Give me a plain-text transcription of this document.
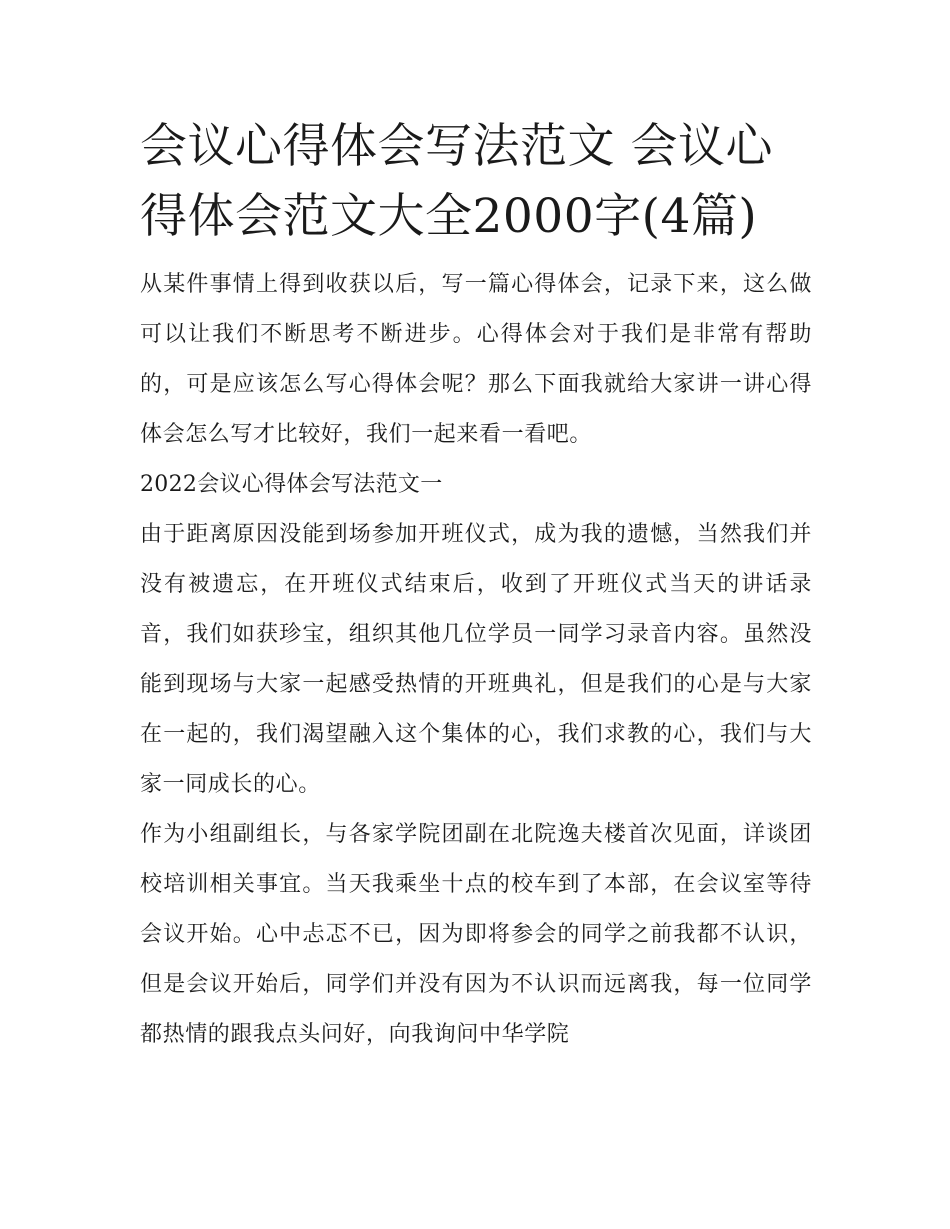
会议心得体会写法范文 会议心得体会范文大全2000字(4篇)

从某件事情上得到收获以后，写一篇心得体会，记录下来，这么做可以让我们不断思考不断进步。心得体会对于我们是非常有帮助的，可是应该怎么写心得体会呢？那么下面我就给大家讲一讲心得体会怎么写才比较好，我们一起来看一看吧。

2022会议心得体会写法范文一

由于距离原因没能到场参加开班仪式，成为我的遗憾，当然我们并没有被遗忘，在开班仪式结束后，收到了开班仪式当天的讲话录音，我们如获珍宝，组织其他几位学员一同学习录音内容。虽然没能到现场与大家一起感受热情的开班典礼，但是我们的心是与大家在一起的，我们渴望融入这个集体的心，我们求教的心，我们与大家一同成长的心。

作为小组副组长，与各家学院团副在北院逸夫楼首次见面，详谈团校培训相关事宜。当天我乘坐十点的校车到了本部，在会议室等待会议开始。心中忐忑不已，因为即将参会的同学之前我都不认识，但是会议开始后，同学们并没有因为不认识而远离我，每一位同学都热情的跟我点头问好，向我询问中华学院
